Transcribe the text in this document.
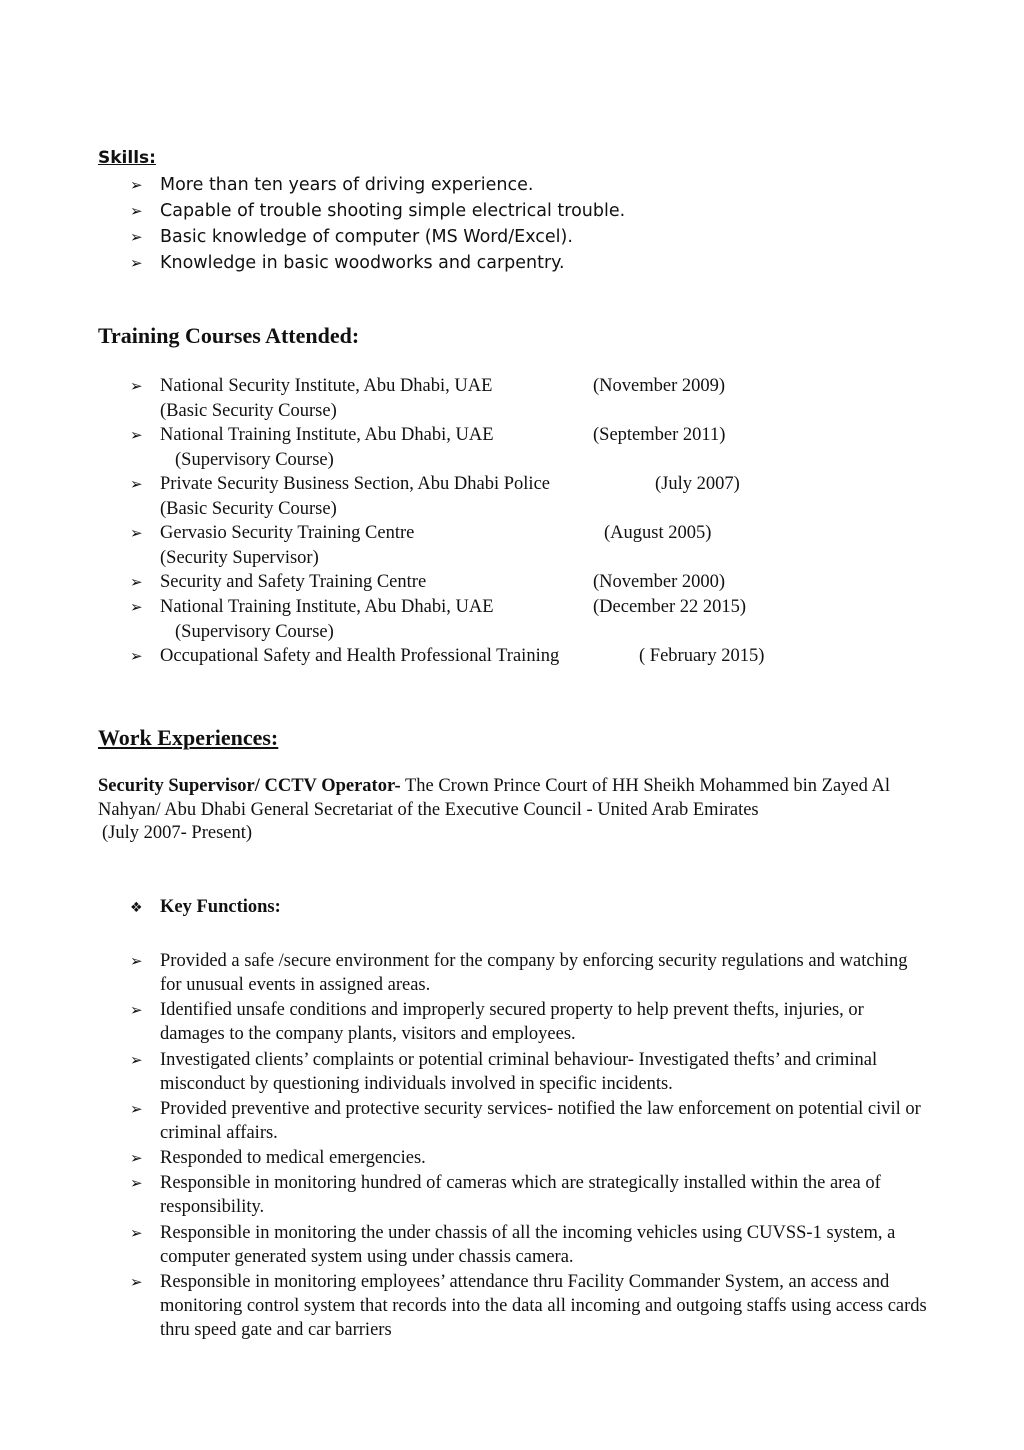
Skills:
➢ More than ten years of driving experience.
➢ Capable of trouble shooting simple electrical trouble.
➢ Basic knowledge of computer (MS Word/Excel).
➢ Knowledge in basic woodworks and carpentry.
Training Courses Attended:
➢ National Security Institute, Abu Dhabi, UAE	(November 2009)
(Basic Security Course)
➢ National Training Institute, Abu Dhabi, UAE	(September 2011)
(Supervisory Course)
➢ Private Security Business Section, Abu Dhabi Police	(July 2007)
(Basic Security Course)
➢ Gervasio Security Training Centre	(August 2005)
(Security Supervisor)
➢ Security and Safety Training Centre	(November 2000)
➢ National Training Institute, Abu Dhabi, UAE	(December 22 2015)
(Supervisory Course)
➢ Occupational Safety and Health Professional Training	( February 2015)
Work Experiences:
Security Supervisor/ CCTV Operator- The Crown Prince Court of HH Sheikh Mohammed bin Zayed Al Nahyan/ Abu Dhabi General Secretariat of the Executive Council - United Arab Emirates
(July 2007- Present)
❖ Key Functions:
➢ Provided a safe /secure environment for the company by enforcing security regulations and watching for unusual events in assigned areas.
➢ Identified unsafe conditions and improperly secured property to help prevent thefts, injuries, or damages to the company plants, visitors and employees.
➢ Investigated clients’ complaints or potential criminal behaviour- Investigated thefts’ and criminal misconduct by questioning individuals involved in specific incidents.
➢ Provided preventive and protective security services- notified the law enforcement on potential civil or criminal affairs.
➢ Responded to medical emergencies.
➢ Responsible in monitoring hundred of cameras which are strategically installed within the area of responsibility.
➢ Responsible in monitoring the under chassis of all the incoming vehicles using CUVSS-1 system, a computer generated system using under chassis camera.
➢ Responsible in monitoring employees’ attendance thru Facility Commander System, an access and monitoring control system that records into the data all incoming and outgoing staffs using access cards thru speed gate and car barriers
